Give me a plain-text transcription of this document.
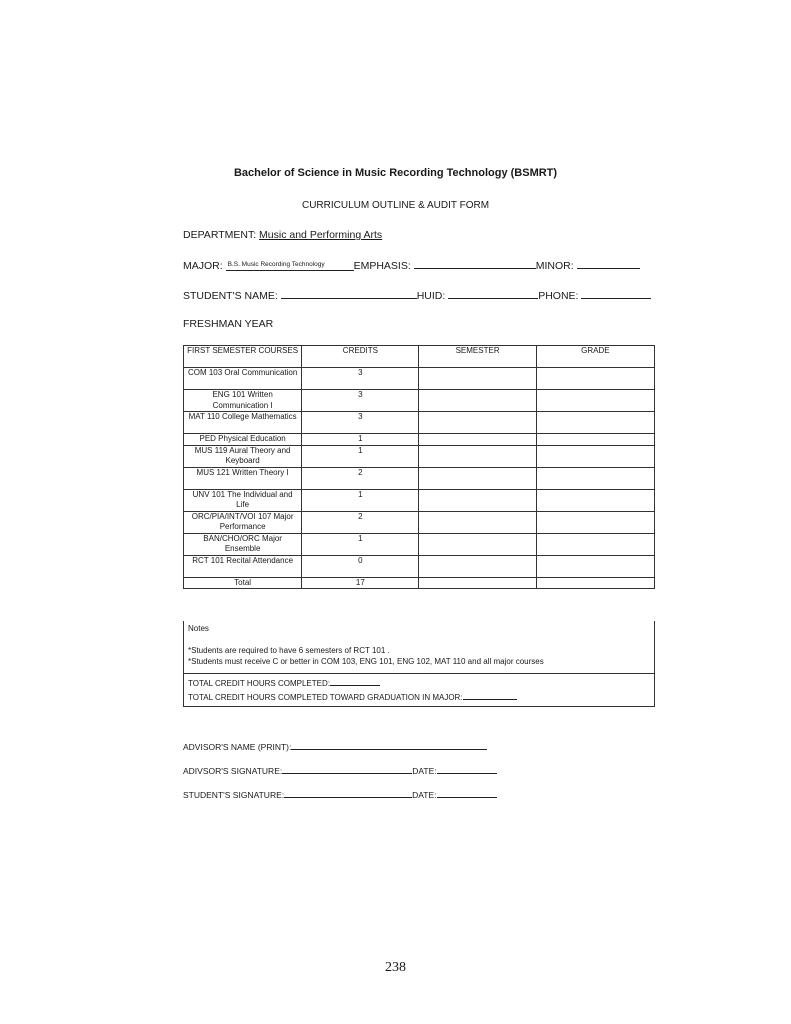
Bachelor of Science in Music Recording Technology (BSMRT)
CURRICULUM OUTLINE & AUDIT FORM
DEPARTMENT: Music and Performing Arts
MAJOR: $^{B.S. Music Recording Technology}$	EMPHASIS:	MINOR:
STUDENT'S NAME:	HUID:	PHONE:
FRESHMAN YEAR
FIRST SEMESTER COURSES	CREDITS	SEMESTER	GRADE
COM 103 Oral Communication	3		
ENG 101 Written Communication I	3		
MAT 110 College Mathematics	3		
PED Physical Education	1		
MUS 119 Aural Theory and Keyboard	1		
MUS 121 Written Theory I	2		
UNV 101 The Individual and Life	1		
ORC/PIA/INT/VOI 107 Major Performance	2		
BAN/CHO/ORC Major Ensemble	1		
RCT 101 Recital Attendance	0		
Total	17		
Notes
*Students are required to have 6 semesters of RCT 101 .
*Students must receive C or better in COM 103, ENG 101, ENG 102, MAT 110 and all major courses
TOTAL CREDIT HOURS COMPLETED:
TOTAL CREDIT HOURS COMPLETED TOWARD GRADUATION IN MAJOR:
ADVISOR'S NAME (PRINT):
ADIVSOR'S SIGNATURE:	DATE:
STUDENT'S SIGNATURE:	DATE:
238
